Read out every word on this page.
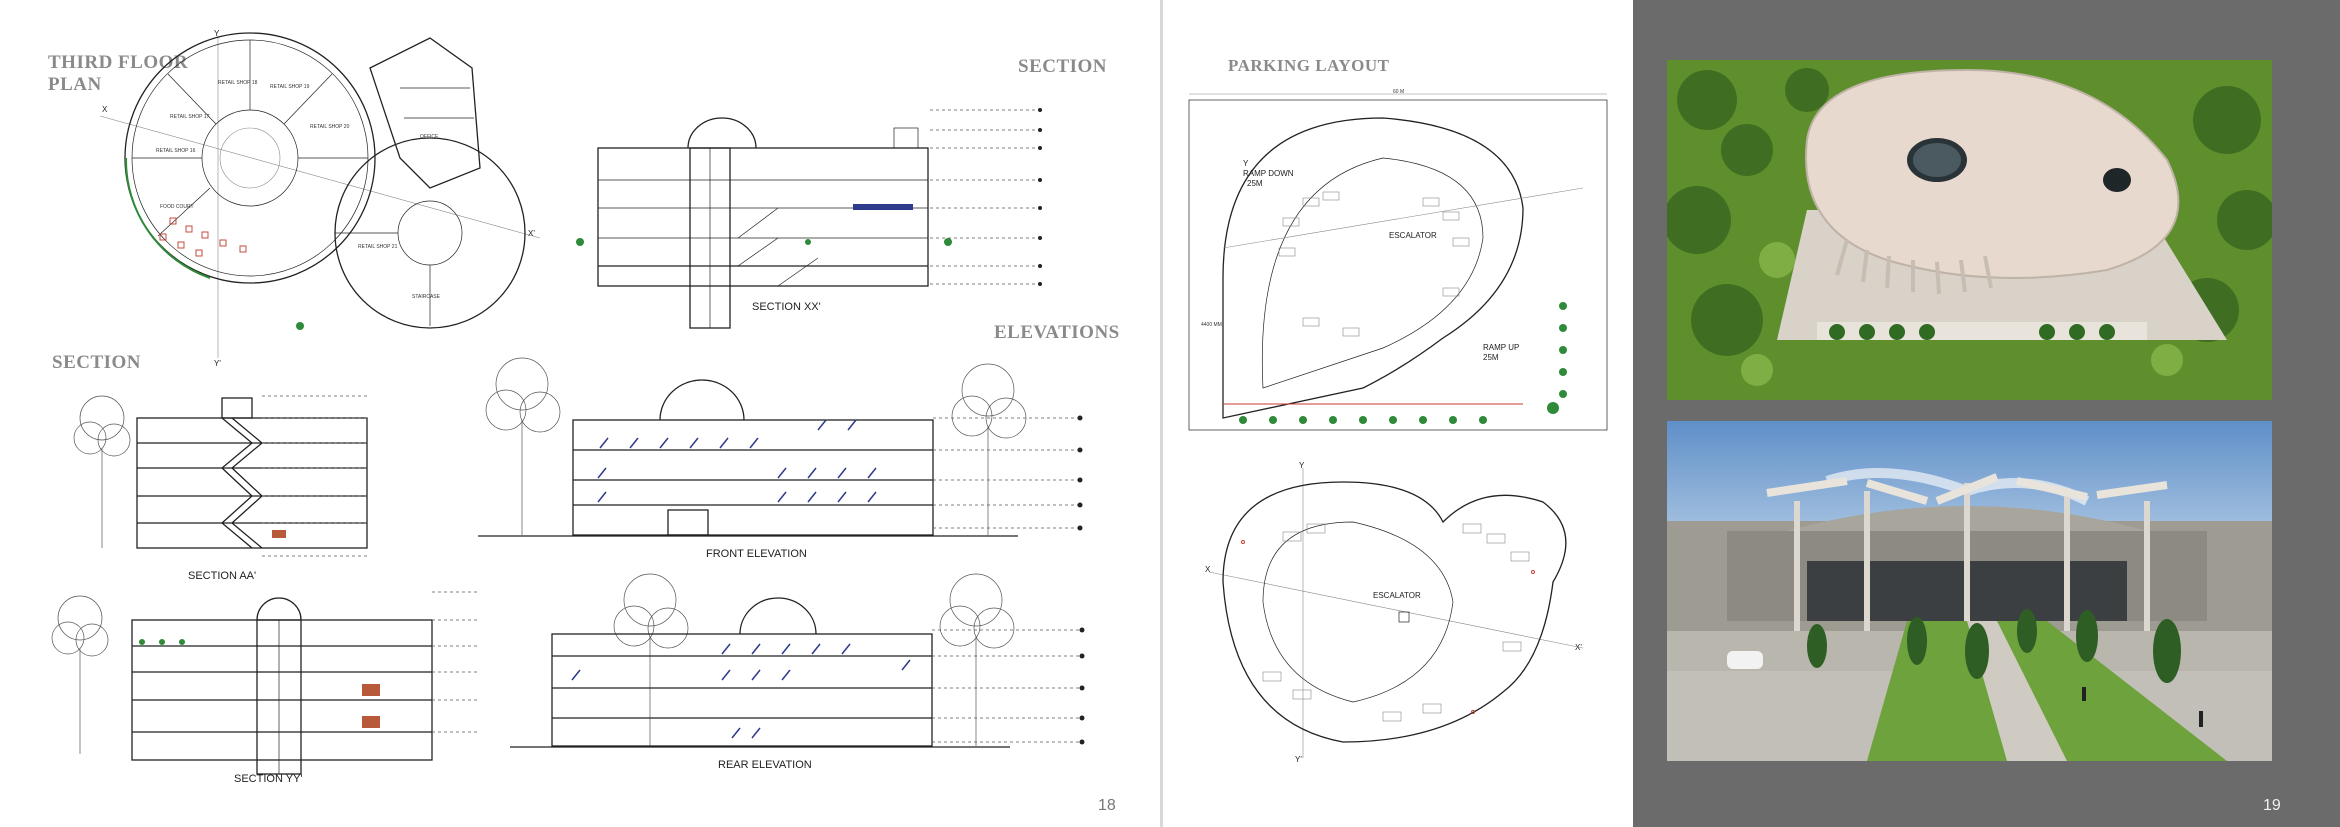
THIRD FLOOR
PLAN
Y
X
X'
Y'
RETAIL SHOP 18
RETAIL SHOP 19
RETAIL SHOP 20
RETAIL SHOP 17
RETAIL SHOP 16
FOOD COURT
RETAIL SHOP 21
STAIRCASE
OFFICE
SECTION
SECTION XX'
ELEVATIONS
SECTION
SECTION AA'
SECTION YY'
FRONT ELEVATION
REAR ELEVATION
18
PARKING LAYOUT
60 M
Y
RAMP DOWN
25M
RAMP UP
25M
ESCALATOR
4400 MM
Y
X
X'
Y'
ESCALATOR
19
